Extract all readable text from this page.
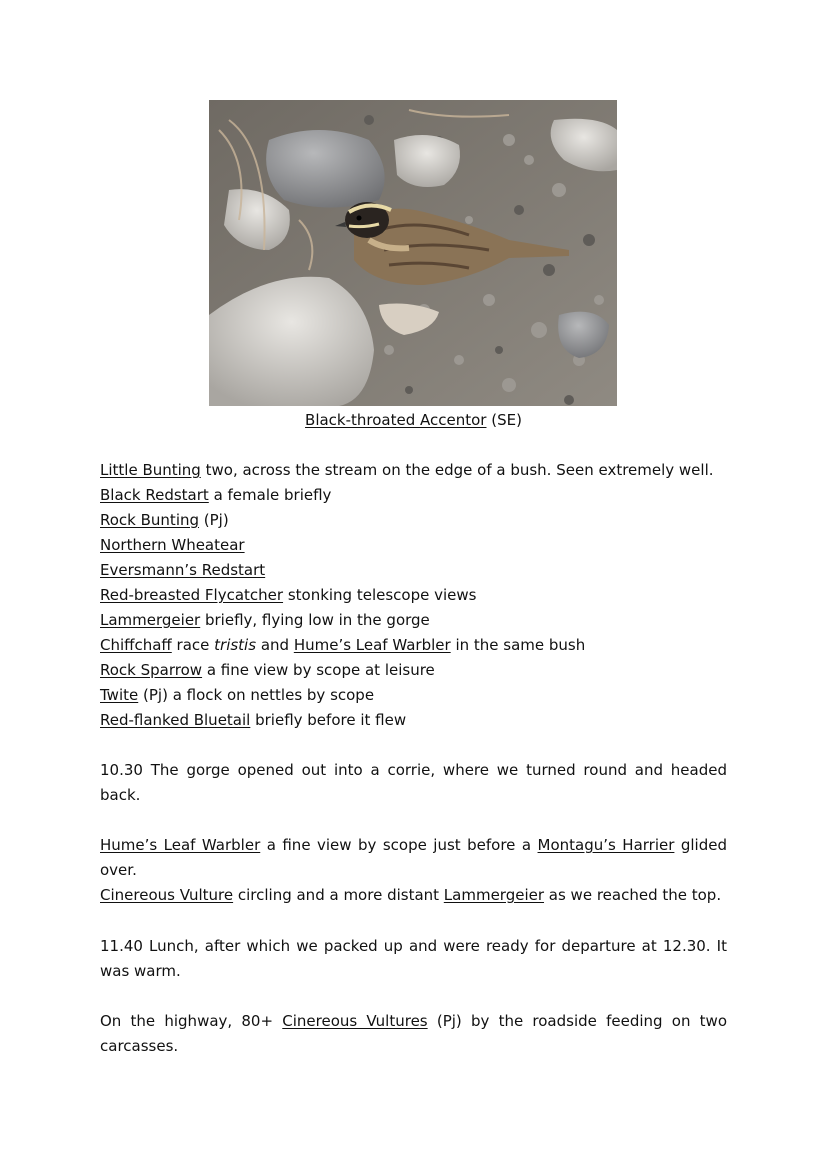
Black-throated Accentor (SE)

Little Bunting two, across the stream on the edge of a bush. Seen extremely well.

Black Redstart a female briefly

Rock Bunting (Pj)

Northern Wheatear

Eversmann’s Redstart

Red-breasted Flycatcher stonking telescope views

Lammergeier briefly, flying low in the gorge

Chiffchaff race tristis and Hume’s Leaf Warbler in the same bush

Rock Sparrow a fine view by scope at leisure

Twite (Pj) a flock on nettles by scope

Red-flanked Bluetail briefly before it flew

10.30 The gorge opened out into a corrie, where we turned round and headed back.

Hume’s Leaf Warbler a fine view by scope just before a Montagu’s Harrier glided over.

Cinereous Vulture circling and a more distant Lammergeier as we reached the top.

11.40 Lunch, after which we packed up and were ready for departure at 12.30. It was warm.

On the highway, 80+ Cinereous Vultures (Pj) by the roadside feeding on two carcasses.
